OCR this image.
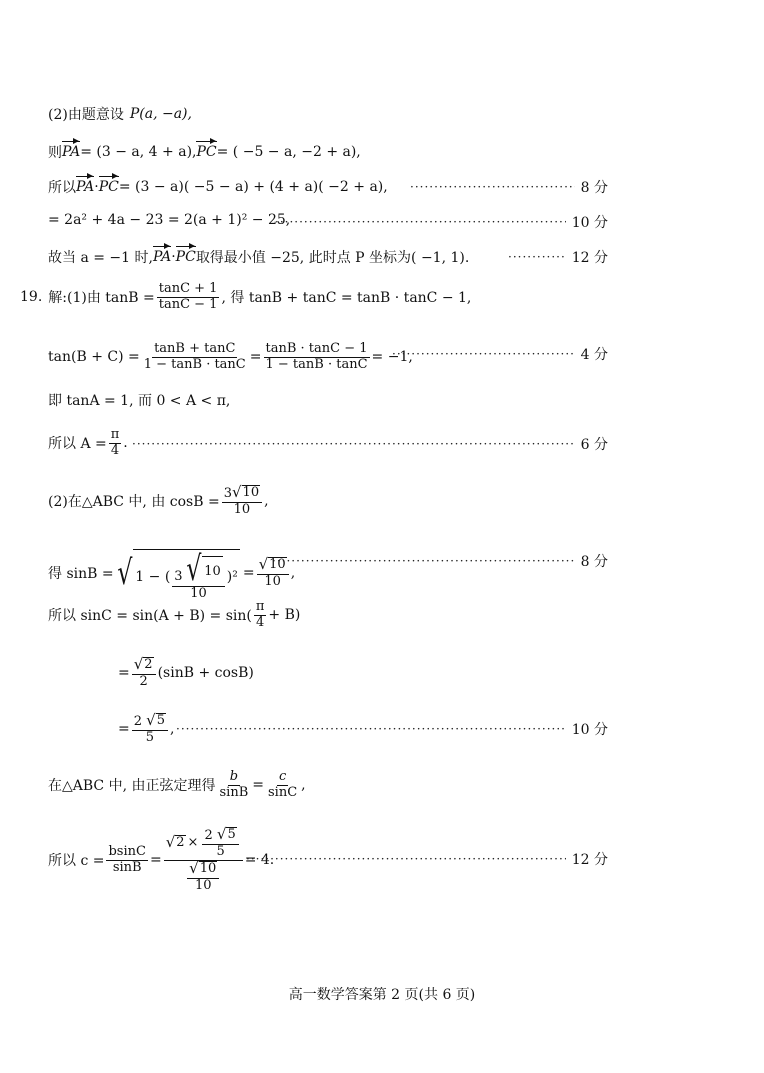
(2)由题意设 P(a, −a),
则 PA = (3 − a, 4 + a), PC = ( −5 − a, −2 + a),
所以 PA · PC = (3 − a)( −5 − a) + (4 + a)( −2 + a), ·····	8 分
= 2a² + 4a − 23 = 2(a + 1)² − 25, ·····	10 分
故当 a = −1 时, PA · PC 取得最小值 −25, 此时点 P 坐标为( −1, 1). ·····	12 分
19. 解:(1)由 $\tan B = \frac{\tan C + 1}{\tan C - 1}$ , 得 tanB + tanC = tanB · tanC − 1,
$\tan(B + C) = \frac{\tan B + \tan C}{1 - \tan B \cdot \tan C} = \frac{\tan B \cdot \tan C - 1}{1 - \tan B \cdot \tan C} = -1$, ·····	4 分
即 tanA = 1, 而 0 < A < π,
所以 $A = \frac{\pi}{4}$ . ·····	6 分
(2)在△ABC 中, 由 $\cos B = \frac{3 √ 10}{10}$ ,
得 sinB = √ 1 − ( $\frac{3 √ 10}{10} )^2 = \frac{√ 10}{10}$ ,
·····
8 分
所以 $\sin C = \sin(A + B) = \sin( \frac{\pi}{4} + B)$
= $\frac{√ 2}{2} (\sin B + \cos B)$
= $\frac{2 √ 5}{5}$ , ·····	10 分
在△ABC 中, 由正弦定理得 $\frac{b}{\sin B} = \frac{c}{\sin C}$ ,
所以 $c = \frac{bsinC}{\sin B} = \frac{√ 2 \times \frac{2 √ 5}{5}}{\frac{√ 10}{10}} = 4$. ·····	12 分
高一数学答案第 2 页(共 6 页)
